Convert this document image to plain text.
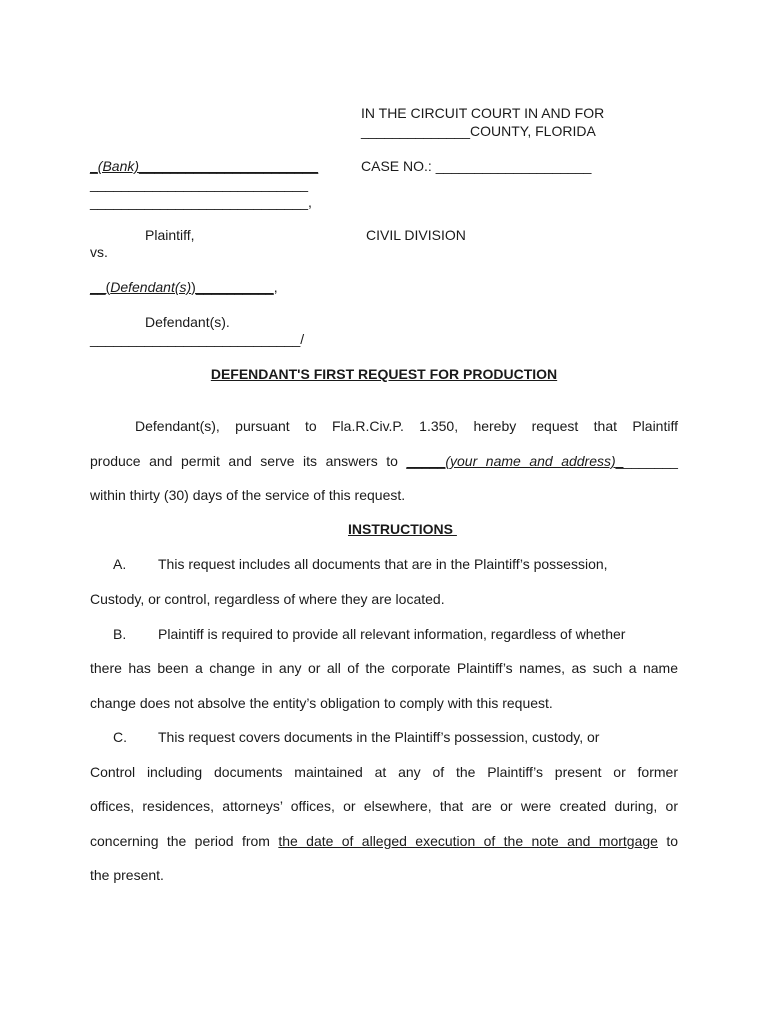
IN THE CIRCUIT COURT IN AND FOR
______________COUNTY, FLORIDA
_(Bank)_______________________
____________________________
____________________________,
CASE NO.: ____________________
Plaintiff,	CIVIL DIVISION
vs.
__(Defendant(s))__________,
Defendant(s).
___________________________/
DEFENDANT'S FIRST REQUEST FOR PRODUCTION
Defendant(s), pursuant to Fla.R.Civ.P. 1.350, hereby request that Plaintiff
produce and permit and serve its answers to _____(your name and address)________
within thirty (30) days of the service of this request.
INSTRUCTIONS
A. This request includes all documents that are in the Plaintiff’s possession,
Custody, or control, regardless of where they are located.
B. Plaintiff is required to provide all relevant information, regardless of whether
there has been a change in any or all of the corporate Plaintiff’s names, as such a name
change does not absolve the entity’s obligation to comply with this request.
C. This request covers documents in the Plaintiff’s possession, custody, or
Control including documents maintained at any of the Plaintiff’s present or former
offices, residences, attorneys’ offices, or elsewhere, that are or were created during, or
concerning the period from the date of alleged execution of the note and mortgage to
the present.
